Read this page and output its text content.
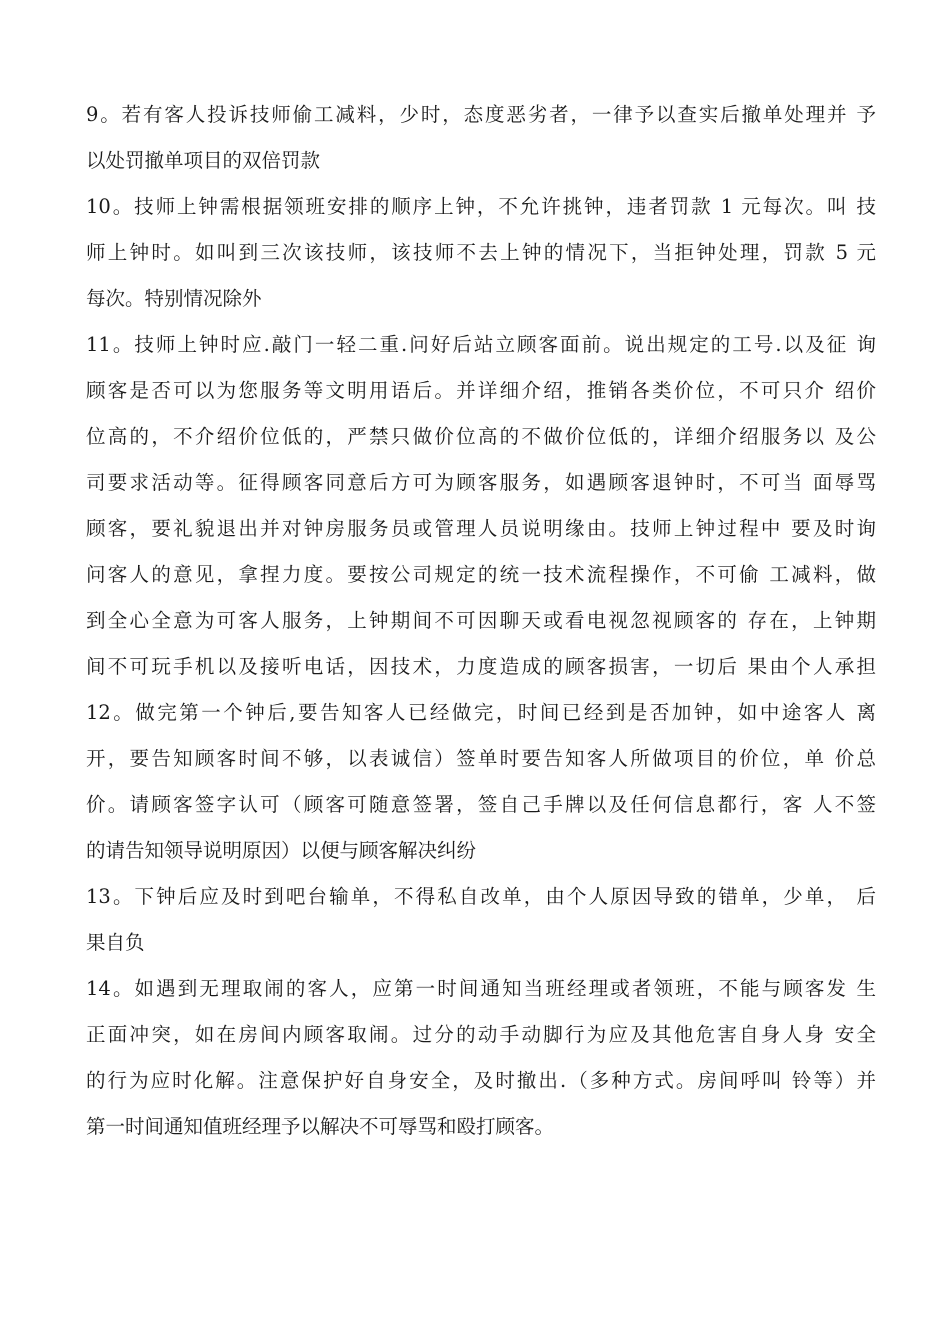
9。若有客人投诉技师偷工减料，少时，态度恶劣者，一律予以查实后撤单处理并 予
以处罚撤单项目的双倍罚款
10。技师上钟需根据领班安排的顺序上钟，不允许挑钟，违者罚款 1 元每次。叫 技
师上钟时。如叫到三次该技师，该技师不去上钟的情况下，当拒钟处理，罚款 5 元
每次。特别情况除外
11。技师上钟时应.敲门一轻二重.问好后站立顾客面前。说出规定的工号.以及征 询
顾客是否可以为您服务等文明用语后。并详细介绍，推销各类价位，不可只介 绍价
位高的，不介绍价位低的，严禁只做价位高的不做价位低的，详细介绍服务以 及公
司要求活动等。征得顾客同意后方可为顾客服务，如遇顾客退钟时，不可当 面辱骂
顾客，要礼貌退出并对钟房服务员或管理人员说明缘由。技师上钟过程中 要及时询
问客人的意见，拿捏力度。要按公司规定的统一技术流程操作，不可偷 工减料，做
到全心全意为可客人服务，上钟期间不可因聊天或看电视忽视顾客的 存在，上钟期
间不可玩手机以及接听电话，因技术，力度造成的顾客损害，一切后 果由个人承担
12。做完第一个钟后,要告知客人已经做完，时间已经到是否加钟，如中途客人 离
开，要告知顾客时间不够，以表诚信）签单时要告知客人所做项目的价位，单 价总
价。请顾客签字认可（顾客可随意签署，签自己手牌以及任何信息都行，客 人不签
的请告知领导说明原因）以便与顾客解决纠纷
13。下钟后应及时到吧台输单，不得私自改单，由个人原因导致的错单，少单， 后
果自负
14。如遇到无理取闹的客人，应第一时间通知当班经理或者领班，不能与顾客发 生
正面冲突，如在房间内顾客取闹。过分的动手动脚行为应及其他危害自身人身 安全
的行为应时化解。注意保护好自身安全，及时撤出.（多种方式。房间呼叫 铃等）并
第一时间通知值班经理予以解决不可辱骂和殴打顾客。
